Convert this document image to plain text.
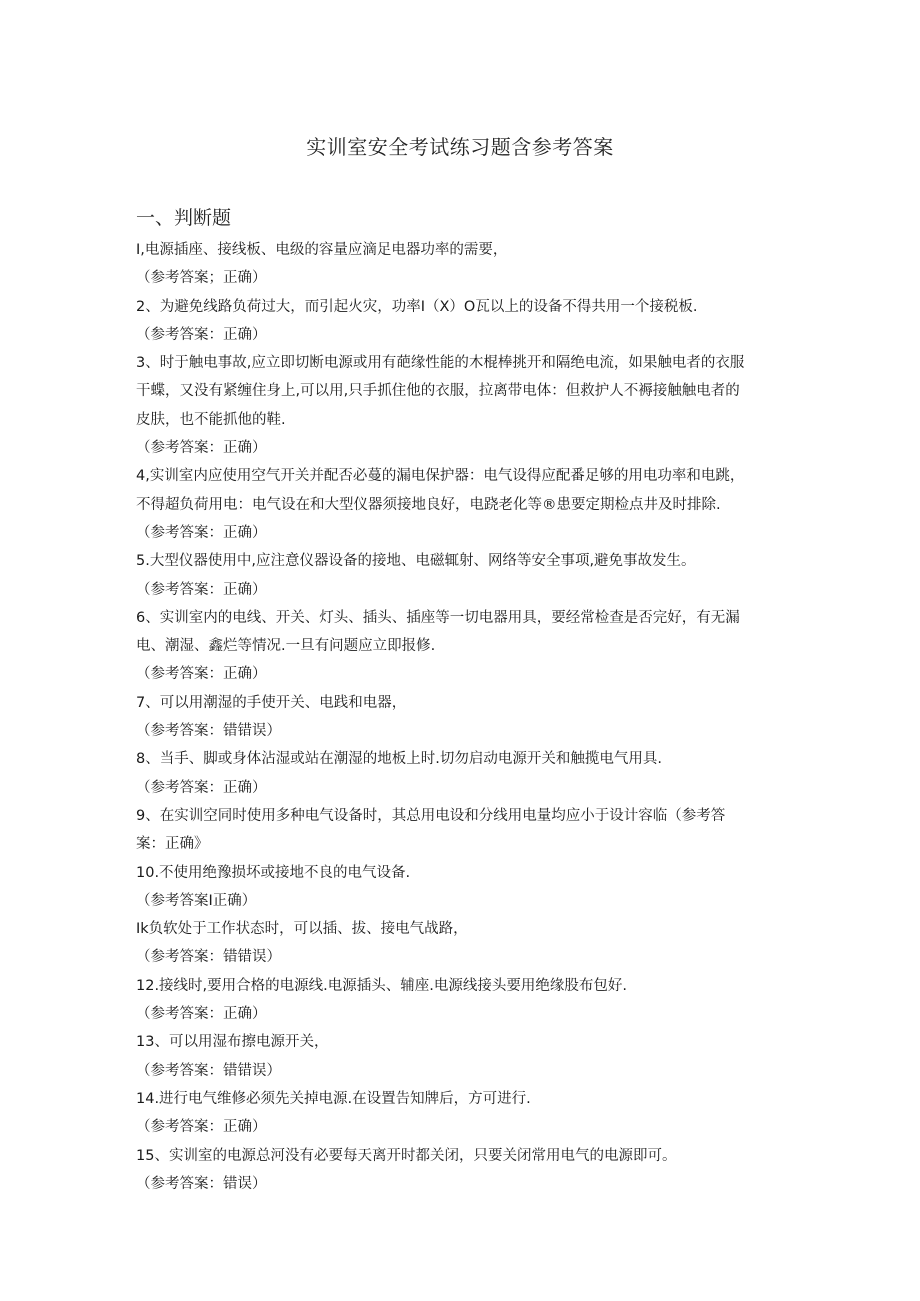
实训室安全考试练习题含参考答案
一、判断题
I,电源插座、接线板、电级的容量应滴足电器功率的需要，
（参考答案；正确）
2、为避免线路负荷过大，而引起火灾，功率I（X）O瓦以上的设备不得共用一个接税板.
（参考答案：正确）
3、时于触电事故,应立即切断电源或用有葩缘性能的木棍棒挑开和隔绝电流，如果触电者的衣服
干蝶，又没有紧缠住身上,可以用,只手抓住他的衣服，拉离带电体：但救护人不褥接触触电者的
皮肤，也不能抓他的鞋.
（参考答案：正确）
4,实训室内应使用空气开关并配否必蔓的漏电保护器：电气设得应配番足够的用电功率和电跳，
不得超负荷用电：电气设在和大型仪器须接地良好，电跷老化等®患要定期检点井及时排除.
（参考答案：正确）
5.大型仪器使用中,应注意仪器设备的接地、电磁辄射、网络等安全事项,避免事故发生。
（参考答案：正确）
6、实训室内的电线、开关、灯头、插头、插座等一切电器用具，要经常检查是否完好，有无漏
电、潮湿、鑫烂等情况.一旦有问题应立即报修.
（参考答案：正确）
7、可以用潮湿的手使开关、电践和电器，
（参考答案：错错误）
8、当手、脚或身体沾湿或站在潮湿的地板上时.切勿启动电源开关和触揽电气用具.
（参考答案：正确）
9、在实训空同时使用多种电气设备时，其总用电设和分线用电量均应小于设计容临（参考答
案：正确》
10.不使用绝豫损坏或接地不良的电气设备.
（参考答案I正确）
Ik负软处于工作状态时，可以插、拔、接电气战路，
（参考答案：错错误）
12.接线时,要用合格的电源线.电源插头、辅座.电源线接头要用绝缘股布包好.
（参考答案：正确）
13、可以用湿布擦电源开关，
（参考答案：错错误）
14.进行电气维修必须先关掉电源.在设置告知牌后，方可进行.
（参考答案：正确）
15、实训室的电源总河没有必要每天离开时都关闭，只要关闭常用电气的电源即可。
（参考答案：错误）
